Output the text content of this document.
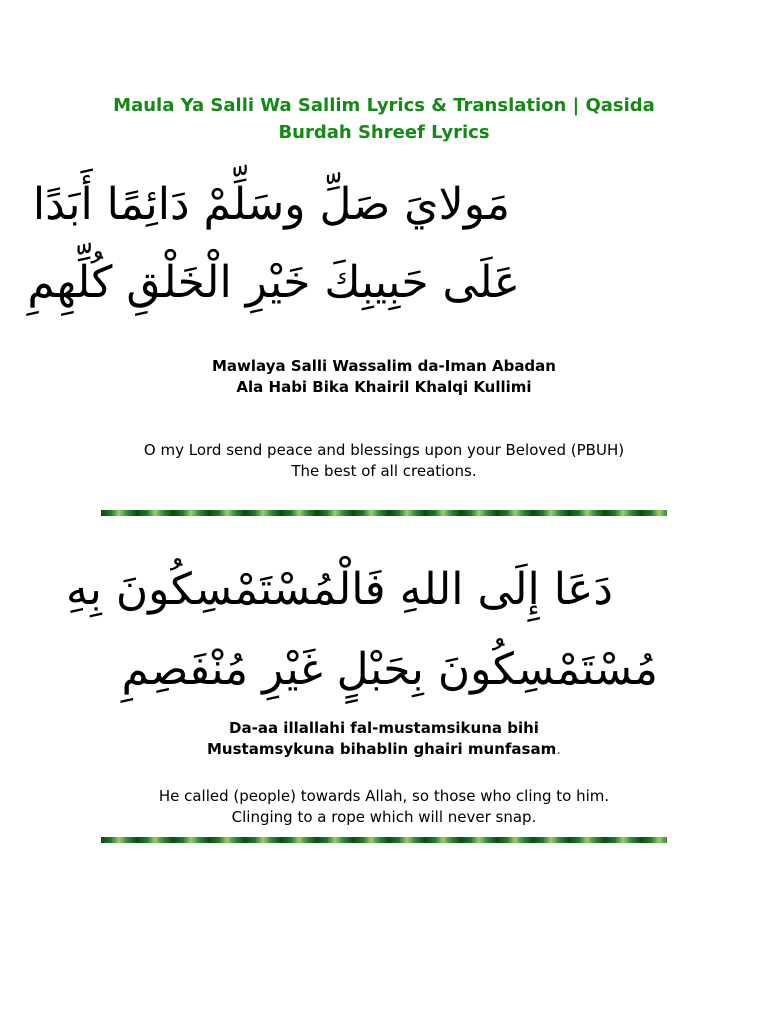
Maula Ya Salli Wa Sallim Lyrics & Translation | Qasida
Burdah Shreef Lyrics

مَولايَ صَلِّ وسَلِّمْ دَائِمًا أَبَدًا

عَلَى حَبِيبِكَ خَيْرِ الْخَلْقِ كُلِّهِمِ

Mawlaya Salli Wassalim da-Iman Abadan
Ala Habi Bika Khairil Khalqi Kullimi

O my Lord send peace and blessings upon your Beloved (PBUH)
The best of all creations.

دَعَا إِلَى اللهِ فَالْمُسْتَمْسِكُونَ بِهِ

مُسْتَمْسِكُونَ بِحَبْلٍ غَيْرِ مُنْفَصِمِ

Da-aa illallahi fal-mustamsikuna bihi
Mustamsykuna bihablin ghairi munfasam.

He called (people) towards Allah, so those who cling to him.
Clinging to a rope which will never snap.
